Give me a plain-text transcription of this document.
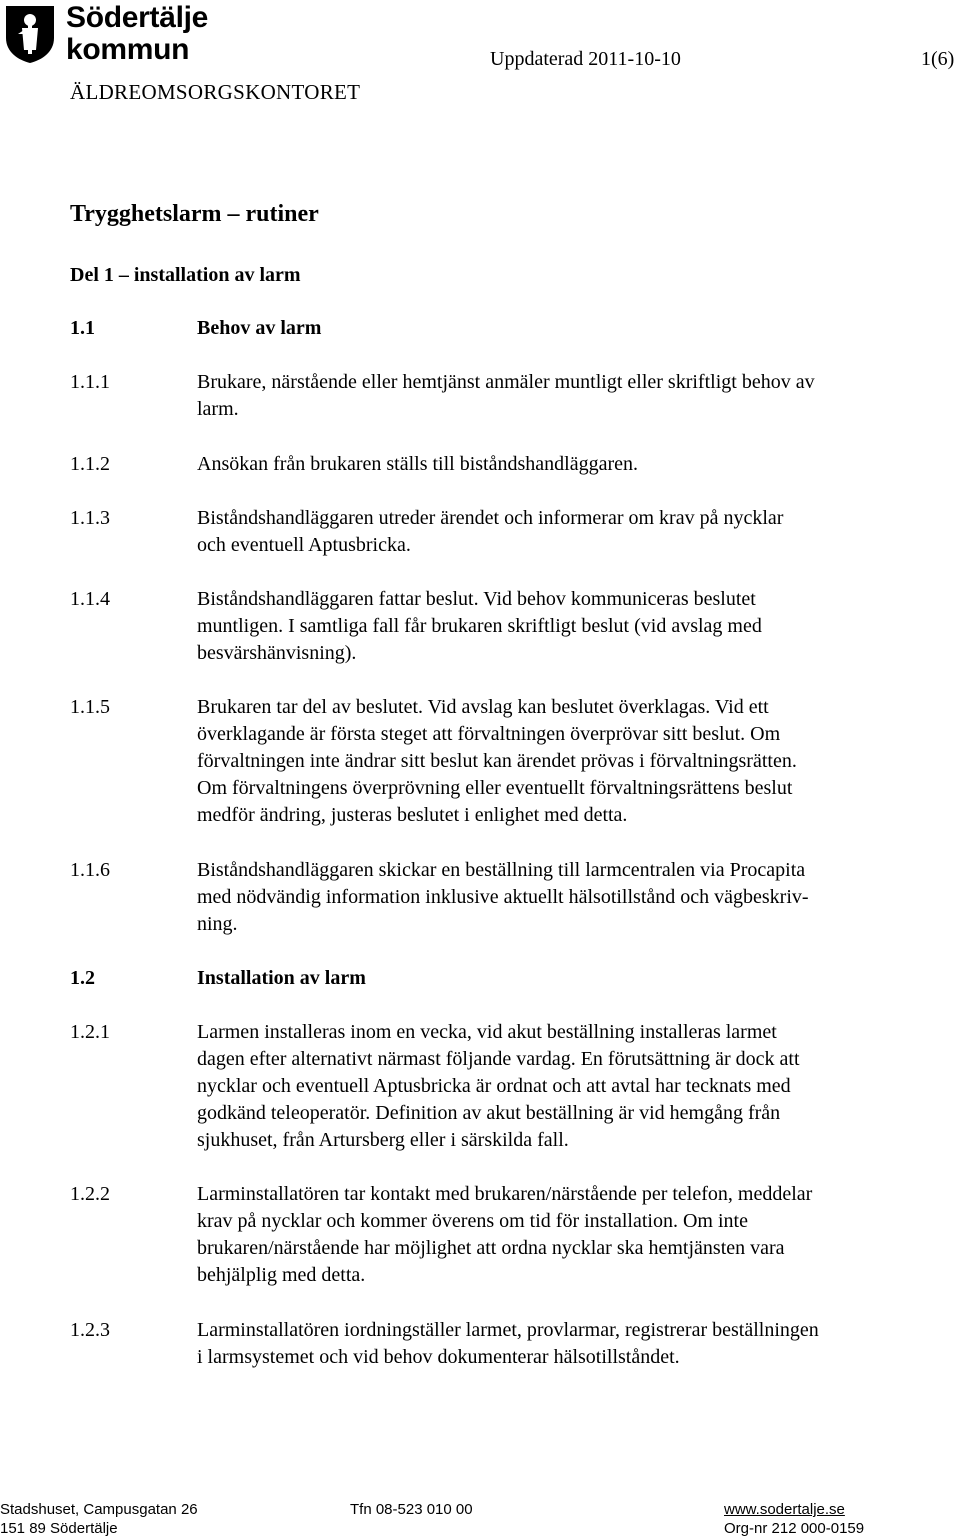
Södertälje
kommun
ÄLDREOMSORGSKONTORET
Uppdaterad 2011-10-10	1(6)
Trygghetslarm – rutiner
Del 1 – installation av larm
1.1	Behov av larm
1.1.1	Brukare, närstående eller hemtjänst anmäler muntligt eller skriftligt behov av
larm.
1.1.2	Ansökan från brukaren ställs till biståndshandläggaren.
1.1.3	Biståndshandläggaren utreder ärendet och informerar om krav på nycklar
och eventuell Aptusbricka.
1.1.4	Biståndshandläggaren fattar beslut. Vid behov kommuniceras beslutet
muntligen. I samtliga fall får brukaren skriftligt beslut (vid avslag med
besvärshänvisning).
1.1.5	Brukaren tar del av beslutet. Vid avslag kan beslutet överklagas. Vid ett
överklagande är första steget att förvaltningen överprövar sitt beslut. Om
förvaltningen inte ändrar sitt beslut kan ärendet prövas i förvaltningsrätten.
Om förvaltningens överprövning eller eventuellt förvaltningsrättens beslut
medför ändring, justeras beslutet i enlighet med detta.
1.1.6	Biståndshandläggaren skickar en beställning till larmcentralen via Procapita
med nödvändig information inklusive aktuellt hälsotillstånd och vägbeskriv-
ning.
1.2	Installation av larm
1.2.1	Larmen installeras inom en vecka, vid akut beställning installeras larmet
dagen efter alternativt närmast följande vardag. En förutsättning är dock att
nycklar och eventuell Aptusbricka är ordnat och att avtal har tecknats med
godkänd teleoperatör. Definition av akut beställning är vid hemgång från
sjukhuset, från Artursberg eller i särskilda fall.
1.2.2	Larminstallatören tar kontakt med brukaren/närstående per telefon, meddelar
krav på nycklar och kommer överens om tid för installation. Om inte
brukaren/närstående har möjlighet att ordna nycklar ska hemtjänsten vara
behjälplig med detta.
1.2.3	Larminstallatören iordningställer larmet, provlarmar, registrerar beställningen
i larmsystemet och vid behov dokumenterar hälsotillståndet.
Stadshuset, Campusgatan 26
151 89 Södertälje
Tfn 08-523 010 00	www.sodertalje.se
Org-nr 212 000-0159
